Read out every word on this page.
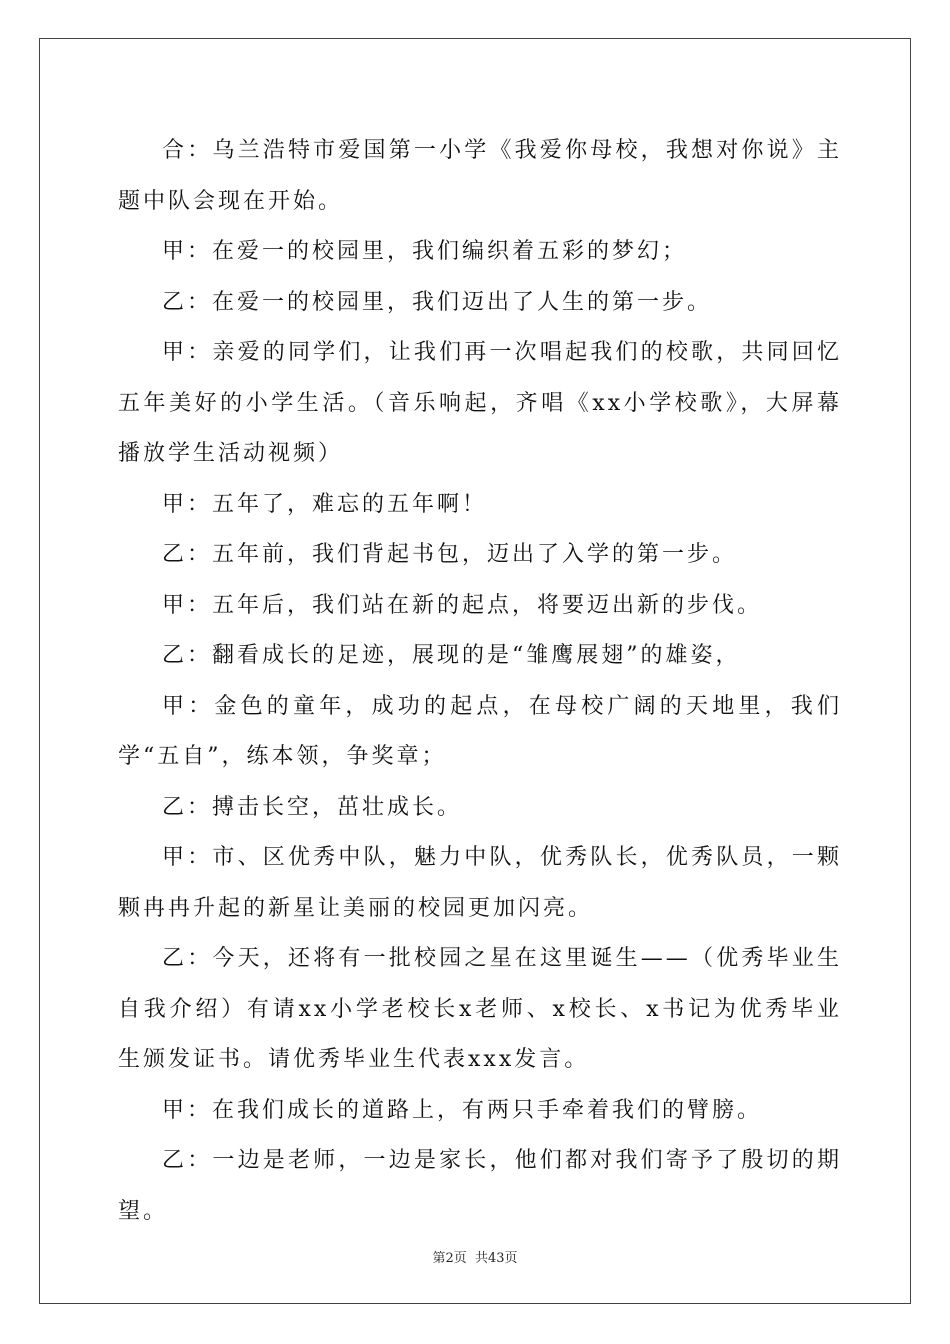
合：乌兰浩特市爱国第一小学《我爱你母校，我想对你说》主题中队会现在开始。

甲：在爱一的校园里，我们编织着五彩的梦幻；

乙：在爱一的校园里，我们迈出了人生的第一步。

甲：亲爱的同学们，让我们再一次唱起我们的校歌，共同回忆五年美好的小学生活。（音乐响起，齐唱《xx小学校歌》，大屏幕播放学生活动视频）

甲：五年了，难忘的五年啊！

乙：五年前，我们背起书包，迈出了入学的第一步。

甲：五年后，我们站在新的起点，将要迈出新的步伐。

乙：翻看成长的足迹，展现的是“雏鹰展翅”的雄姿，

甲：金色的童年，成功的起点，在母校广阔的天地里，我们学“五自”，练本领，争奖章；

乙：搏击长空，茁壮成长。

甲：市、区优秀中队，魅力中队，优秀队长，优秀队员，一颗颗冉冉升起的新星让美丽的校园更加闪亮。

乙：今天，还将有一批校园之星在这里诞生——（优秀毕业生自我介绍）有请xx小学老校长x老师、x校长、x书记为优秀毕业生颁发证书。请优秀毕业生代表xxx发言。

甲：在我们成长的道路上，有两只手牵着我们的臂膀。

乙：一边是老师，一边是家长，他们都对我们寄予了殷切的期望。

第2页 共43页
